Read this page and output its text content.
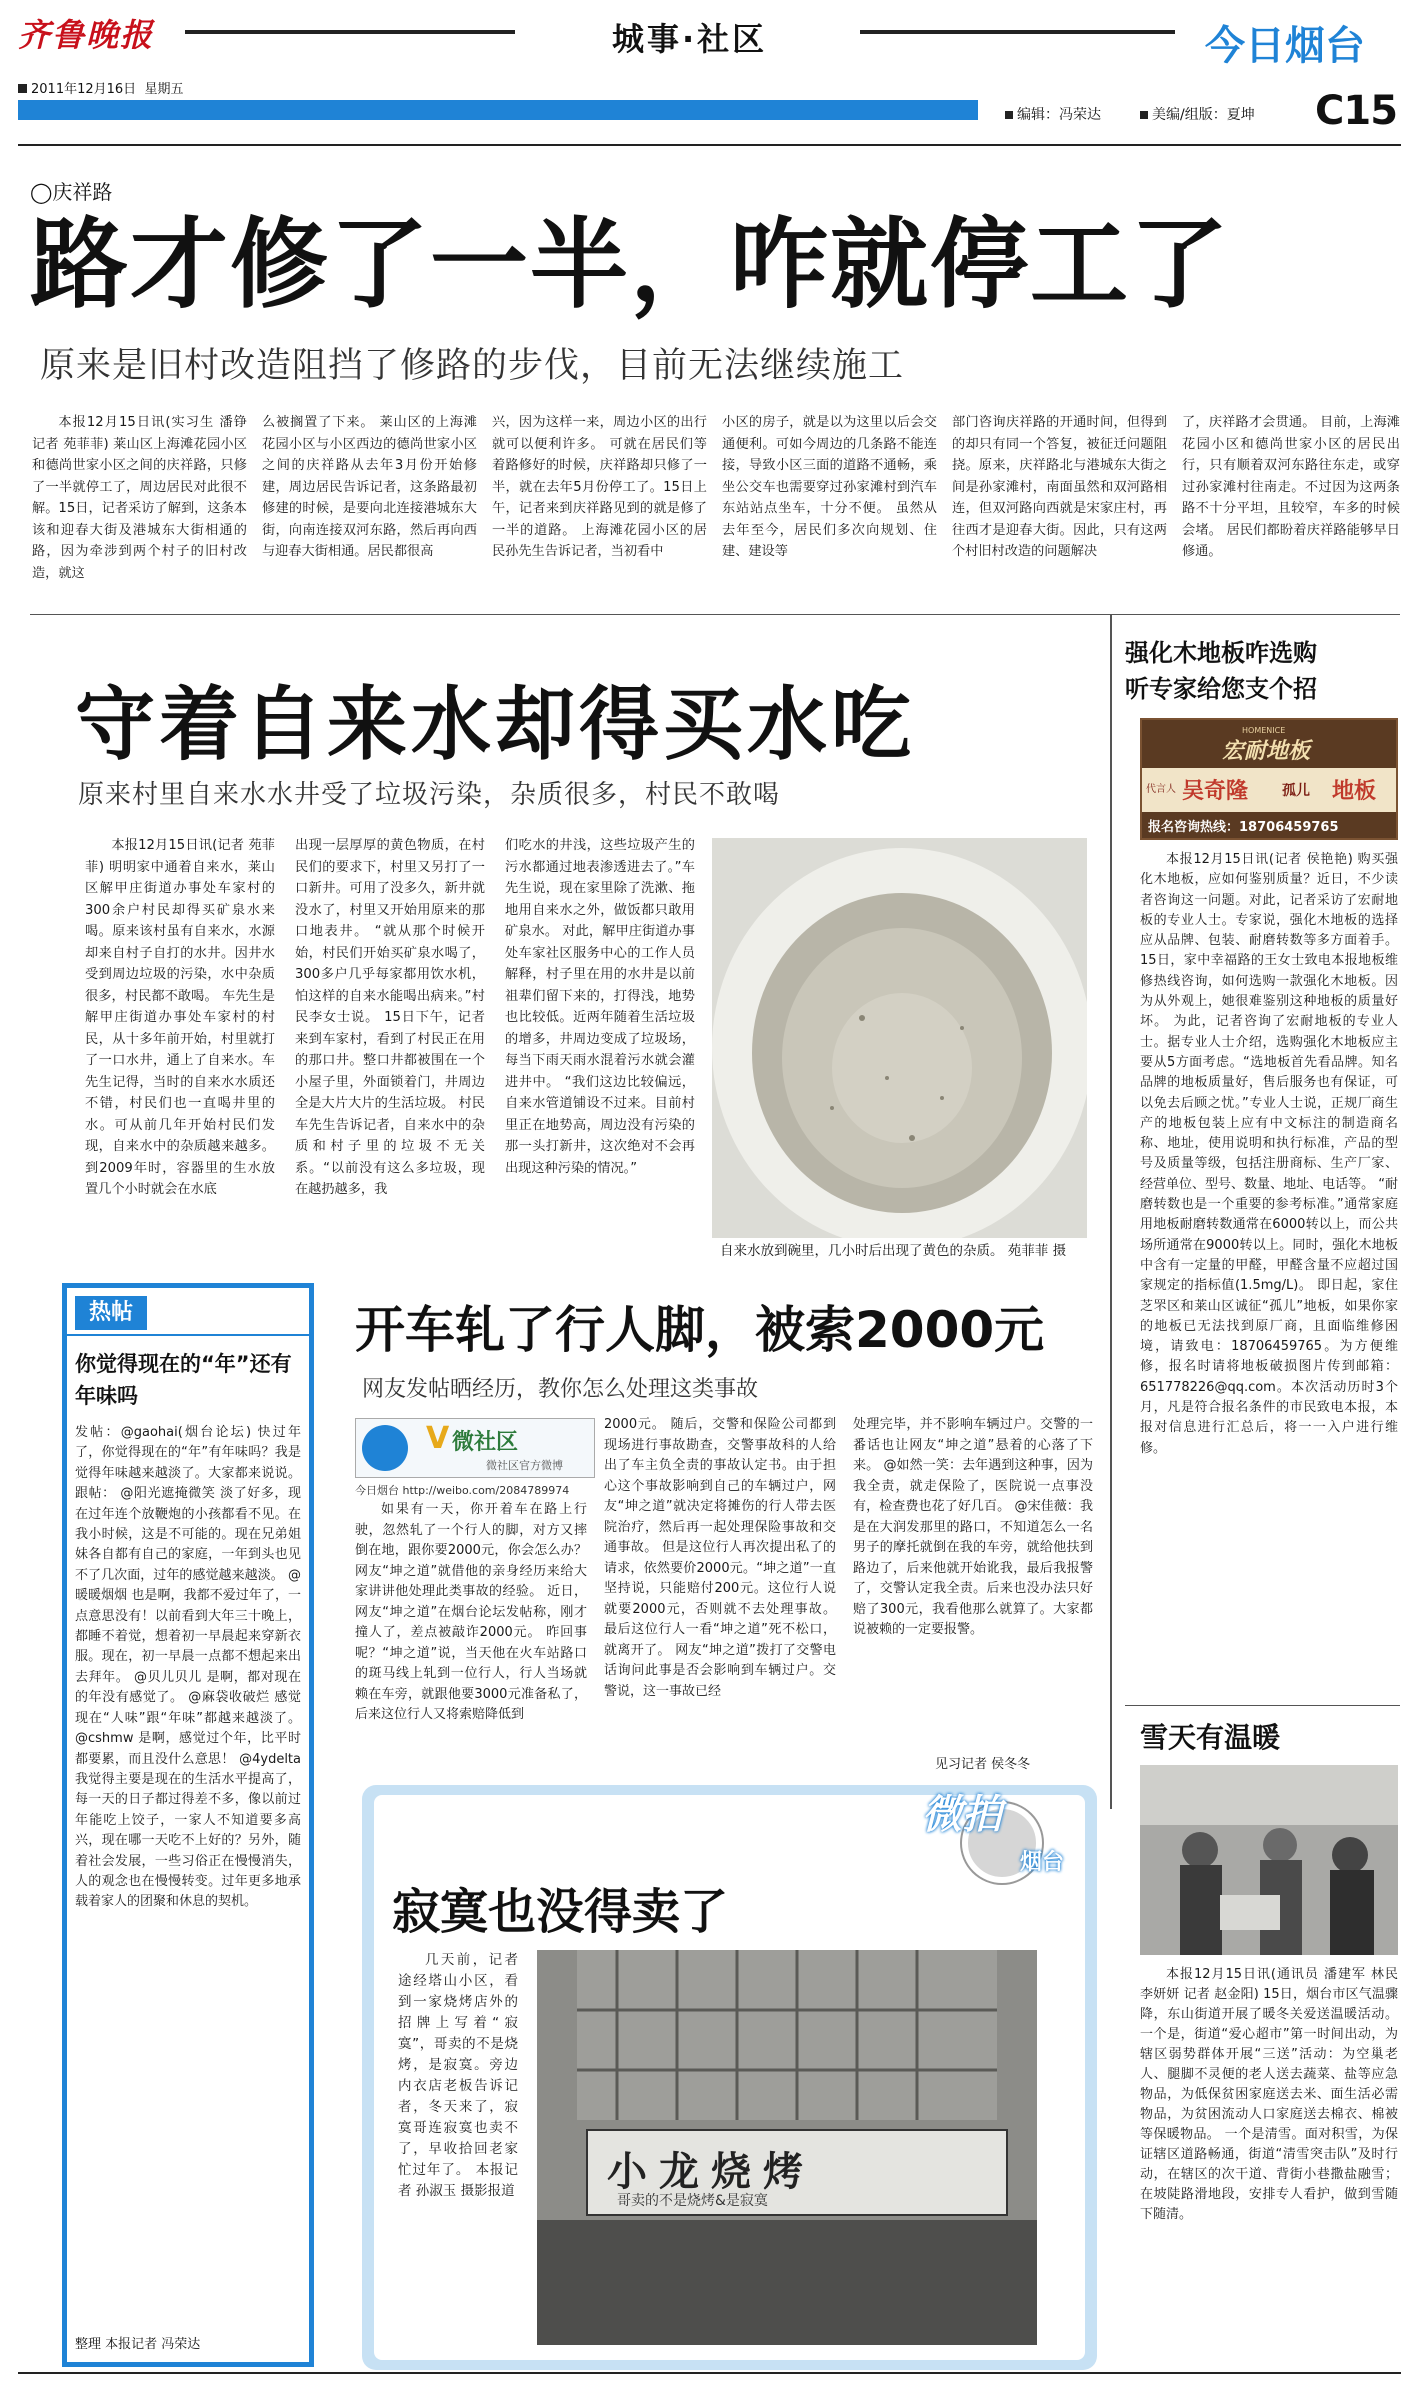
齐鲁晚报	城事·社区	今日烟台
2011年12月16日 星期五
编辑：冯荣达	美编/组版：夏坤 C15
◯庆祥路
路才修了一半，咋就停工了
原来是旧村改造阻挡了修路的步伐，目前无法继续施工

本报12月15日讯(实习生 潘铮 记者 苑菲菲) 莱山区上海滩花园小区和德尚世家小区之间的庆祥路，只修了一半就停工了，周边居民对此很不解。15日，记者采访了解到，这条本该和迎春大街及港城东大街相通的路，因为牵涉到两个村子的旧村改造，就这

么被搁置了下来。 莱山区的上海滩花园小区与小区西边的德尚世家小区之间的庆祥路从去年3月份开始修建，周边居民告诉记者，这条路最初修建的时候，是要向北连接港城东大街，向南连接双河东路，然后再向西与迎春大街相通。居民都很高

兴，因为这样一来，周边小区的出行就可以便利许多。 可就在居民们等着路修好的时候，庆祥路却只修了一半，就在去年5月份停工了。15日上午，记者来到庆祥路见到的就是修了一半的道路。 上海滩花园小区的居民孙先生告诉记者，当初看中

小区的房子，就是以为这里以后会交通便利。可如今周边的几条路不能连接，导致小区三面的道路不通畅，乘坐公交车也需要穿过孙家滩村到汽车东站站点坐车，十分不便。 虽然从去年至今，居民们多次向规划、住建、建设等

部门咨询庆祥路的开通时间，但得到的却只有同一个答复，被征迁问题阻挠。原来，庆祥路北与港城东大街之间是孙家滩村，南面虽然和双河路相连，但双河路向西就是宋家庄村，再往西才是迎春大街。因此，只有这两个村旧村改造的问题解决

了，庆祥路才会贯通。 目前，上海滩花园小区和德尚世家小区的居民出行，只有顺着双河东路往东走，或穿过孙家滩村往南走。不过因为这两条路不十分平坦，且较窄，车多的时候会堵。 居民们都盼着庆祥路能够早日修通。

守着自来水却得买水吃
原来村里自来水水井受了垃圾污染，杂质很多，村民不敢喝

本报12月15日讯(记者 苑菲菲) 明明家中通着自来水，莱山区解甲庄街道办事处车家村的300余户村民却得买矿泉水来喝。原来该村虽有自来水，水源却来自村子自打的水井。因井水受到周边垃圾的污染，水中杂质很多，村民都不敢喝。 车先生是解甲庄街道办事处车家村的村民，从十多年前开始，村里就打了一口水井，通上了自来水。车先生记得，当时的自来水水质还不错，村民们也一直喝井里的水。可从前几年开始村民们发现，自来水中的杂质越来越多。 到2009年时，容器里的生水放置几个小时就会在水底

出现一层厚厚的黄色物质，在村民们的要求下，村里又另打了一口新井。可用了没多久，新井就没水了，村里又开始用原来的那口地表井。 “就从那个时候开始，村民们开始买矿泉水喝了，300多户几乎每家都用饮水机，怕这样的自来水能喝出病来。”村民李女士说。 15日下午，记者来到车家村，看到了村民正在用的那口井。整口井都被围在一个小屋子里，外面锁着门，井周边全是大片大片的生活垃圾。 村民车先生告诉记者，自来水中的杂质和村子里的垃圾不无关系。“以前没有这么多垃圾，现在越扔越多，我

们吃水的井浅，这些垃圾产生的污水都通过地表渗透进去了。”车先生说，现在家里除了洗漱、拖地用自来水之外，做饭都只敢用矿泉水。 对此，解甲庄街道办事处车家社区服务中心的工作人员解释，村子里在用的水井是以前祖辈们留下来的，打得浅，地势也比较低。近两年随着生活垃圾的增多，井周边变成了垃圾场，每当下雨天雨水混着污水就会灌进井中。 “我们这边比较偏远，自来水管道铺设不过来。目前村里正在地势高，周边没有污染的那一头打新井，这次绝对不会再出现这种污染的情况。”

自来水放到碗里，几小时后出现了黄色的杂质。 苑菲菲 摄
强化木地板咋选购
听专家给您支个招
宏耐地板
HOMENICE
代言人 吴奇隆 孤儿 地板
报名咨询热线：18706459765

本报12月15日讯(记者 侯艳艳) 购买强化木地板，应如何鉴别质量？近日，不少读者咨询这一问题。对此，记者采访了宏耐地板的专业人士。专家说，强化木地板的选择应从品牌、包装、耐磨转数等多方面着手。 15日，家中幸福路的王女士致电本报地板维修热线咨询，如何选购一款强化木地板。因为从外观上，她很难鉴别这种地板的质量好坏。 为此，记者咨询了宏耐地板的专业人士。据专业人士介绍，选购强化木地板应主要从5方面考虑。“选地板首先看品牌。知名品牌的地板质量好，售后服务也有保证，可以免去后顾之忧。”专业人士说，正规厂商生产的地板包装上应有中文标注的制造商名称、地址，使用说明和执行标准，产品的型号及质量等级，包括注册商标、生产厂家、经营单位、型号、数量、地址、电话等。 “耐磨转数也是一个重要的参考标准。”通常家庭用地板耐磨转数通常在6000转以上，而公共场所通常在9000转以上。同时，强化木地板中含有一定量的甲醛，甲醛含量不应超过国家规定的指标值(1.5mg/L)。 即日起，家住芝罘区和莱山区诚征“孤儿”地板，如果你家的地板已无法找到原厂商，且面临维修困境，请致电：18706459765。为方便维修，报名时请将地板破损图片传到邮箱：651778226@qq.com。本次活动历时3个月，凡是符合报名条件的市民致电本报，本报对信息进行汇总后，将一一入户进行维修。

雪天有温暖

本报12月15日讯(通讯员 潘建军 林民 李妍妍 记者 赵金阳) 15日，烟台市区气温骤降，东山街道开展了暖冬关爱送温暖活动。 一个是，街道“爱心超市”第一时间出动，为辖区弱势群体开展“三送”活动：为空巢老人、腿脚不灵便的老人送去蔬菜、盐等应急物品，为低保贫困家庭送去米、面生活必需物品，为贫困流动人口家庭送去棉衣、棉被等保暖物品。 一个是清雪。面对积雪，为保证辖区道路畅通，街道“清雪突击队”及时行动，在辖区的次干道、背街小巷撒盐融雪；在坡陡路滑地段，安排专人看护，做到雪随下随清。

热帖
你觉得现在的“年”还有年味吗

发帖：@gaohai(烟台论坛) 快过年了，你觉得现在的“年”有年味吗？我是觉得年味越来越淡了。大家都来说说。 跟帖： @阳光遮掩微笑 淡了好多，现在过年连个放鞭炮的小孩都看不见。在我小时候，这是不可能的。现在兄弟姐妹各自都有自己的家庭，一年到头也见不了几次面，过年的感觉越来越淡。 @暖暖烟烟 也是啊，我都不爱过年了，一点意思没有！以前看到大年三十晚上，都睡不着觉，想着初一早晨起来穿新衣服。现在，初一早晨一点都不想起来出去拜年。 @贝儿贝儿 是啊，都对现在的年没有感觉了。 @麻袋收破烂 感觉现在“人味”跟“年味”都越来越淡了。 @cshmw 是啊，感觉过个年，比平时都要累，而且没什么意思！ @4ydelta 我觉得主要是现在的生活水平提高了，每一天的日子都过得差不多，像以前过年能吃上饺子，一家人不知道要多高兴，现在哪一天吃不上好的？另外，随着社会发展，一些习俗正在慢慢消失，人的观念也在慢慢转变。过年更多地承载着家人的团聚和休息的契机。

整理 本报记者 冯荣达
开车轧了行人脚，被索2000元
网友发帖晒经历，教你怎么处理这类事故
V 微社区
微社区官方微博
今日烟台 http://weibo.com/2084789974

如果有一天，你开着车在路上行驶，忽然轧了一个行人的脚，对方又摔倒在地，跟你要2000元，你会怎么办？网友“坤之道”就借他的亲身经历来给大家讲讲他处理此类事故的经验。 近日，网友“坤之道”在烟台论坛发帖称，刚才撞人了，差点被敲诈2000元。 昨回事呢？“坤之道”说，当天他在火车站路口的斑马线上轧到一位行人，行人当场就赖在车旁，就跟他要3000元准备私了，后来这位行人又将索赔降低到

2000元。 随后，交警和保险公司都到现场进行事故勘查，交警事故科的人给出了车主负全责的事故认定书。由于担心这个事故影响到自己的车辆过户，网友“坤之道”就决定将摊伤的行人带去医院治疗，然后再一起处理保险事故和交通事故。 但是这位行人再次提出私了的请求，依然要价2000元。“坤之道”一直坚持说，只能赔付200元。这位行人说就要2000元，否则就不去处理事故。 最后这位行人一看“坤之道”死不松口，就离开了。 网友“坤之道”拨打了交警电话询问此事是否会影响到车辆过户。交警说，这一事故已经

处理完毕，并不影响车辆过户。交警的一番话也让网友“坤之道”悬着的心落了下来。 @如然一笑：去年遇到这种事，因为我全责，就走保险了，医院说一点事没有，检查费也花了好几百。 @宋佳薇：我是在大润发那里的路口，不知道怎么一名男子的摩托就倒在我的车旁，就给他扶到路边了，后来他就开始讹我，最后我报警了，交警认定我全责。后来也没办法只好赔了300元，我看他那么就算了。大家都说被赖的一定要报警。

见习记者 侯冬冬
寂寞也没得卖了

几天前，记者途经塔山小区，看到一家烧烤店外的招牌上写着“寂寞”，哥卖的不是烧烤，是寂寞。旁边内衣店老板告诉记者，冬天来了，寂寞哥连寂寞也卖不了，早收拾回老家忙过年了。 本报记者 孙淑玉 摄影报道 小龙烧烤
哥卖的不是烧烤&是寂寞
微拍
烟台
